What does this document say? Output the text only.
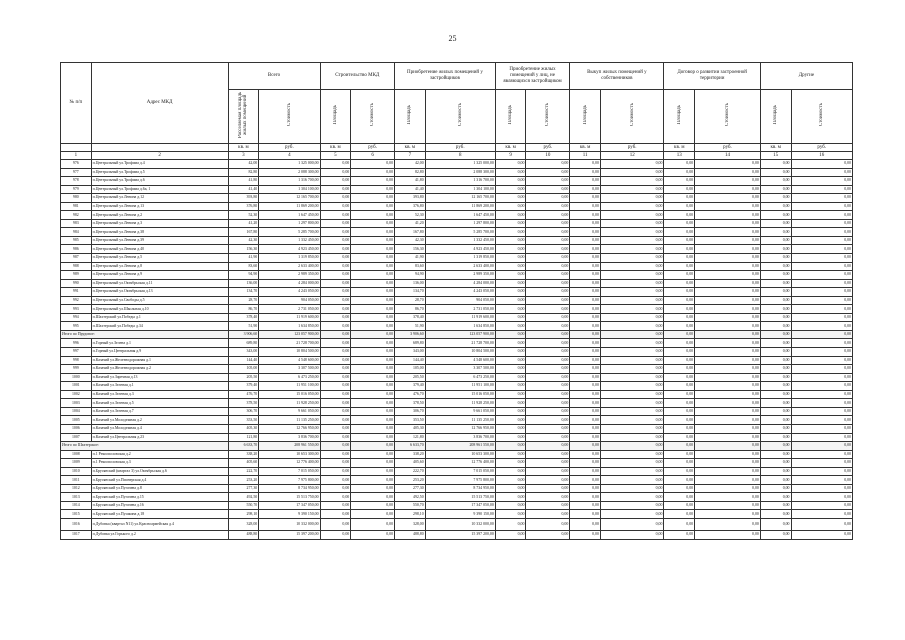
25
№ п/п	Адрес МКД	Всего		Строительство МКД		Приобретение жилых помещений у застройщиков		Приобретение жилых помещений у лиц, не являющихся застройщиком		Выкуп жилых помещений у собственников		Договор о развитии застроенной территории		Другие	
		Расселяемая площадь жилых помещений	Стоимость	Площадь	Стоимость	Площадь	Стоимость	Площадь	Стоимость	Площадь	Стоимость	Площадь	Стоимость	Площадь	Стоимость
		кв. м	руб.	кв. м	руб.	кв. м	руб.	кв. м	руб.	кв. м	руб.	кв. м	руб.	кв. м	руб.
1	2	3	4	5	6	7	8	9	10	11	12	13	14	15	16
976	п.Центральный ул.Трофима д.4	42,00	1 325 000,00	0,00	0,00	42,00	1 325 000,00	0,00	0,00	0,00	0,00	0,00	0,00	0,00	0,00
977	п.Центральный ул.Трофима д.5	82,80	2 088 300,00	0,00	0,00	82,80	2 088 300,00	0,00	0,00	0,00	0,00	0,00	0,00	0,00	0,00
978	п.Центральный ул.Трофима д.6	41,80	1 316 700,00	0,00	0,00	41,80	1 316 700,00	0,00	0,00	0,00	0,00	0,00	0,00	0,00	0,00
979	п.Центральный ул.Трофима д.6а, 1	41,40	1 304 100,00	0,00	0,00	41,40	1 304 100,00	0,00	0,00	0,00	0,00	0,00	0,00	0,00	0,00
980	п.Центральный ул.Ленина д.12	393,80	12 165 700,00	0,00	0,00	393,80	12 165 700,00	0,00	0,00	0,00	0,00	0,00	0,00	0,00	0,00
981	п.Центральный ул.Ленина д.13	376,80	11 869 200,00	0,00	0,00	376,80	11 869 200,00	0,00	0,00	0,00	0,00	0,00	0,00	0,00	0,00
982	п.Центральный ул.Ленина д.2	52,30	1 647 450,00	0,00	0,00	52,30	1 647 450,00	0,00	0,00	0,00	0,00	0,00	0,00	0,00	0,00
983	п.Центральный ул.Ленина д.3	41,20	1 297 800,00	0,00	0,00	41,20	1 297 800,00	0,00	0,00	0,00	0,00	0,00	0,00	0,00	0,00
984	п.Центральный ул.Ленина д.38	167,80	5 285 700,00	0,00	0,00	167,80	5 285 700,00	0,00	0,00	0,00	0,00	0,00	0,00	0,00	0,00
985	п.Центральный ул.Ленина д.39	42,30	1 332 450,00	0,00	0,00	42,30	1 332 450,00	0,00	0,00	0,00	0,00	0,00	0,00	0,00	0,00
986	п.Центральный ул.Ленина д.40	156,30	4 923 450,00	0,00	0,00	156,30	4 923 450,00	0,00	0,00	0,00	0,00	0,00	0,00	0,00	0,00
987	п.Центральный ул.Ленина д.5	41,90	1 319 850,00	0,00	0,00	41,90	1 319 850,00	0,00	0,00	0,00	0,00	0,00	0,00	0,00	0,00
988	п.Центральный ул.Ленина д.8	83,60	2 633 400,00	0,00	0,00	83,60	2 633 400,00	0,00	0,00	0,00	0,00	0,00	0,00	0,00	0,00
989	п.Центральный ул.Ленина д.9	94,90	2 989 350,00	0,00	0,00	94,90	2 989 350,00	0,00	0,00	0,00	0,00	0,00	0,00	0,00	0,00
990	п.Центральный ул.Октябрьская д.11	136,00	4 284 000,00	0,00	0,00	136,00	4 284 000,00	0,00	0,00	0,00	0,00	0,00	0,00	0,00	0,00
991	п.Центральный ул.Октябрьская д.13	134,70	4 243 050,00	0,00	0,00	134,70	4 243 050,00	0,00	0,00	0,00	0,00	0,00	0,00	0,00	0,00
992	п.Центральный ул.Свободы д.5	28,70	904 050,00	0,00	0,00	28,70	904 050,00	0,00	0,00	0,00	0,00	0,00	0,00	0,00	0,00
993	п.Центральный ул.Школьная д.10	86,70	2 731 050,00	0,00	0,00	86,70	2 731 050,00	0,00	0,00	0,00	0,00	0,00	0,00	0,00	0,00
994	п.Шахтерский ул.Победы д.1	378,40	11 919 600,00	0,00	0,00	378,40	11 919 600,00	0,00	0,00	0,00	0,00	0,00	0,00	0,00	0,00
995	п.Шахтерский ул.Победы д.34	51,90	1 634 850,00	0,00	0,00	51,90	1 634 850,00	0,00	0,00	0,00	0,00	0,00	0,00	0,00	0,00
Итого по Прудовое:		3 906,60	123 057 900,00	0,00	0,00	3 906,60	123 057 900,00	0,00	0,00	0,00	0,00	0,00	0,00	0,00	0,00
996	п.Горный ул.Зелена д.1	689,80	21 728 700,00	0,00	0,00	689,80	21 728 700,00	0,00	0,00	0,00	0,00	0,00	0,00	0,00	0,00
997	п.Горный ул.Центральная д.9	343,00	10 804 500,00	0,00	0,00	343,00	10 804 500,00	0,00	0,00	0,00	0,00	0,00	0,00	0,00	0,00
998	п.Казачий ул.Железнодорожная д.1	144,40	4 548 600,00	0,00	0,00	144,40	4 548 600,00	0,00	0,00	0,00	0,00	0,00	0,00	0,00	0,00
999	п.Казачий ул.Железнодорожная д.2	105,00	3 307 500,00	0,00	0,00	105,00	3 307 500,00	0,00	0,00	0,00	0,00	0,00	0,00	0,00	0,00
1000	п.Казачий ул.Заречная д.13	205,50	6 473 250,00	0,00	0,00	205,50	6 473 250,00	0,00	0,00	0,00	0,00	0,00	0,00	0,00	0,00
1001	п.Казачий ул.Зеленая д.1	379,40	11 951 100,00	0,00	0,00	379,40	11 951 100,00	0,00	0,00	0,00	0,00	0,00	0,00	0,00	0,00
1002	п.Казачий ул.Зеленая д.3	476,70	15 016 050,00	0,00	0,00	476,70	15 016 050,00	0,00	0,00	0,00	0,00	0,00	0,00	0,00	0,00
1003	п.Казачий ул.Зеленая д.5	378,50	11 928 250,00	0,00	0,00	378,50	11 928 250,00	0,00	0,00	0,00	0,00	0,00	0,00	0,00	0,00
1004	п.Казачий ул.Зеленая д.7	306,70	9 661 050,00	0,00	0,00	306,70	9 661 050,00	0,00	0,00	0,00	0,00	0,00	0,00	0,00	0,00
1005	п.Казачий ул.Молодежная д.2	353,50	11 135 250,00	0,00	0,00	353,50	11 135 250,00	0,00	0,00	0,00	0,00	0,00	0,00	0,00	0,00
1006	п.Казачий ул.Молодежная д.4	405,30	12 766 950,00	0,00	0,00	405,30	12 766 950,00	0,00	0,00	0,00	0,00	0,00	0,00	0,00	0,00
1007	п.Казачий ул.Центральная д.23	121,80	3 836 700,00	0,00	0,00	121,80	3 836 700,00	0,00	0,00	0,00	0,00	0,00	0,00	0,00	0,00
Итого по Шахтерское:		6 633,70	208 961 550,00	0,00	0,00	6 633,70	208 961 550,00	0,00	0,00	0,00	0,00	0,00	0,00	0,00	0,00
1008	п.1 Рекоополовская д.2	338,20	10 653 300,00	0,00	0,00	338,20	10 653 300,00	0,00	0,00	0,00	0,00	0,00	0,00	0,00	0,00
1009	п.1 Рекоополовская д.3	405,60	12 776 400,00	0,00	0,00	405,60	12 776 400,00	0,00	0,00	0,00	0,00	0,00	0,00	0,00	0,00
1010	п.Брусянский (квартал 3) ул.Октябрьская д.6	222,70	7 015 050,00	0,00	0,00	222,70	7 015 050,00	0,00	0,00	0,00	0,00	0,00	0,00	0,00	0,00
1011	п.Брусянский ул.Пионерская д.4	253,20	7 975 800,00	0,00	0,00	253,20	7 975 800,00	0,00	0,00	0,00	0,00	0,00	0,00	0,00	0,00
1012	п.Брусянский ул.Пугачева д.8	277,30	8 734 950,00	0,00	0,00	277,30	8 734 950,00	0,00	0,00	0,00	0,00	0,00	0,00	0,00	0,00
1013	п.Брусянский ул.Пугачева д.15	492,50	15 513 750,00	0,00	0,00	492,50	15 513 750,00	0,00	0,00	0,00	0,00	0,00	0,00	0,00	0,00
1014	п.Брусянский ул.Пугачева д.16	550,70	17 347 050,00	0,00	0,00	550,70	17 347 050,00	0,00	0,00	0,00	0,00	0,00	0,00	0,00	0,00
1015	п.Брусянский ул.Пушкина д.18	298,10	9 390 150,00	0,00	0,00	298,10	9 390 150,00	0,00	0,00	0,00	0,00	0,00	0,00	0,00	0,00
1016	п.Дубовка (квартал N11) ул.Красноармейская д.4	328,00	10 332 000,00	0,00	0,00	328,00	10 332 000,00	0,00	0,00	0,00	0,00	0,00	0,00	0,00	0,00
1017	п.Дубовка ул.Горького д.2	488,80	15 397 200,00	0,00	0,00	488,80	15 397 200,00	0,00	0,00	0,00	0,00	0,00	0,00	0,00	0,00
